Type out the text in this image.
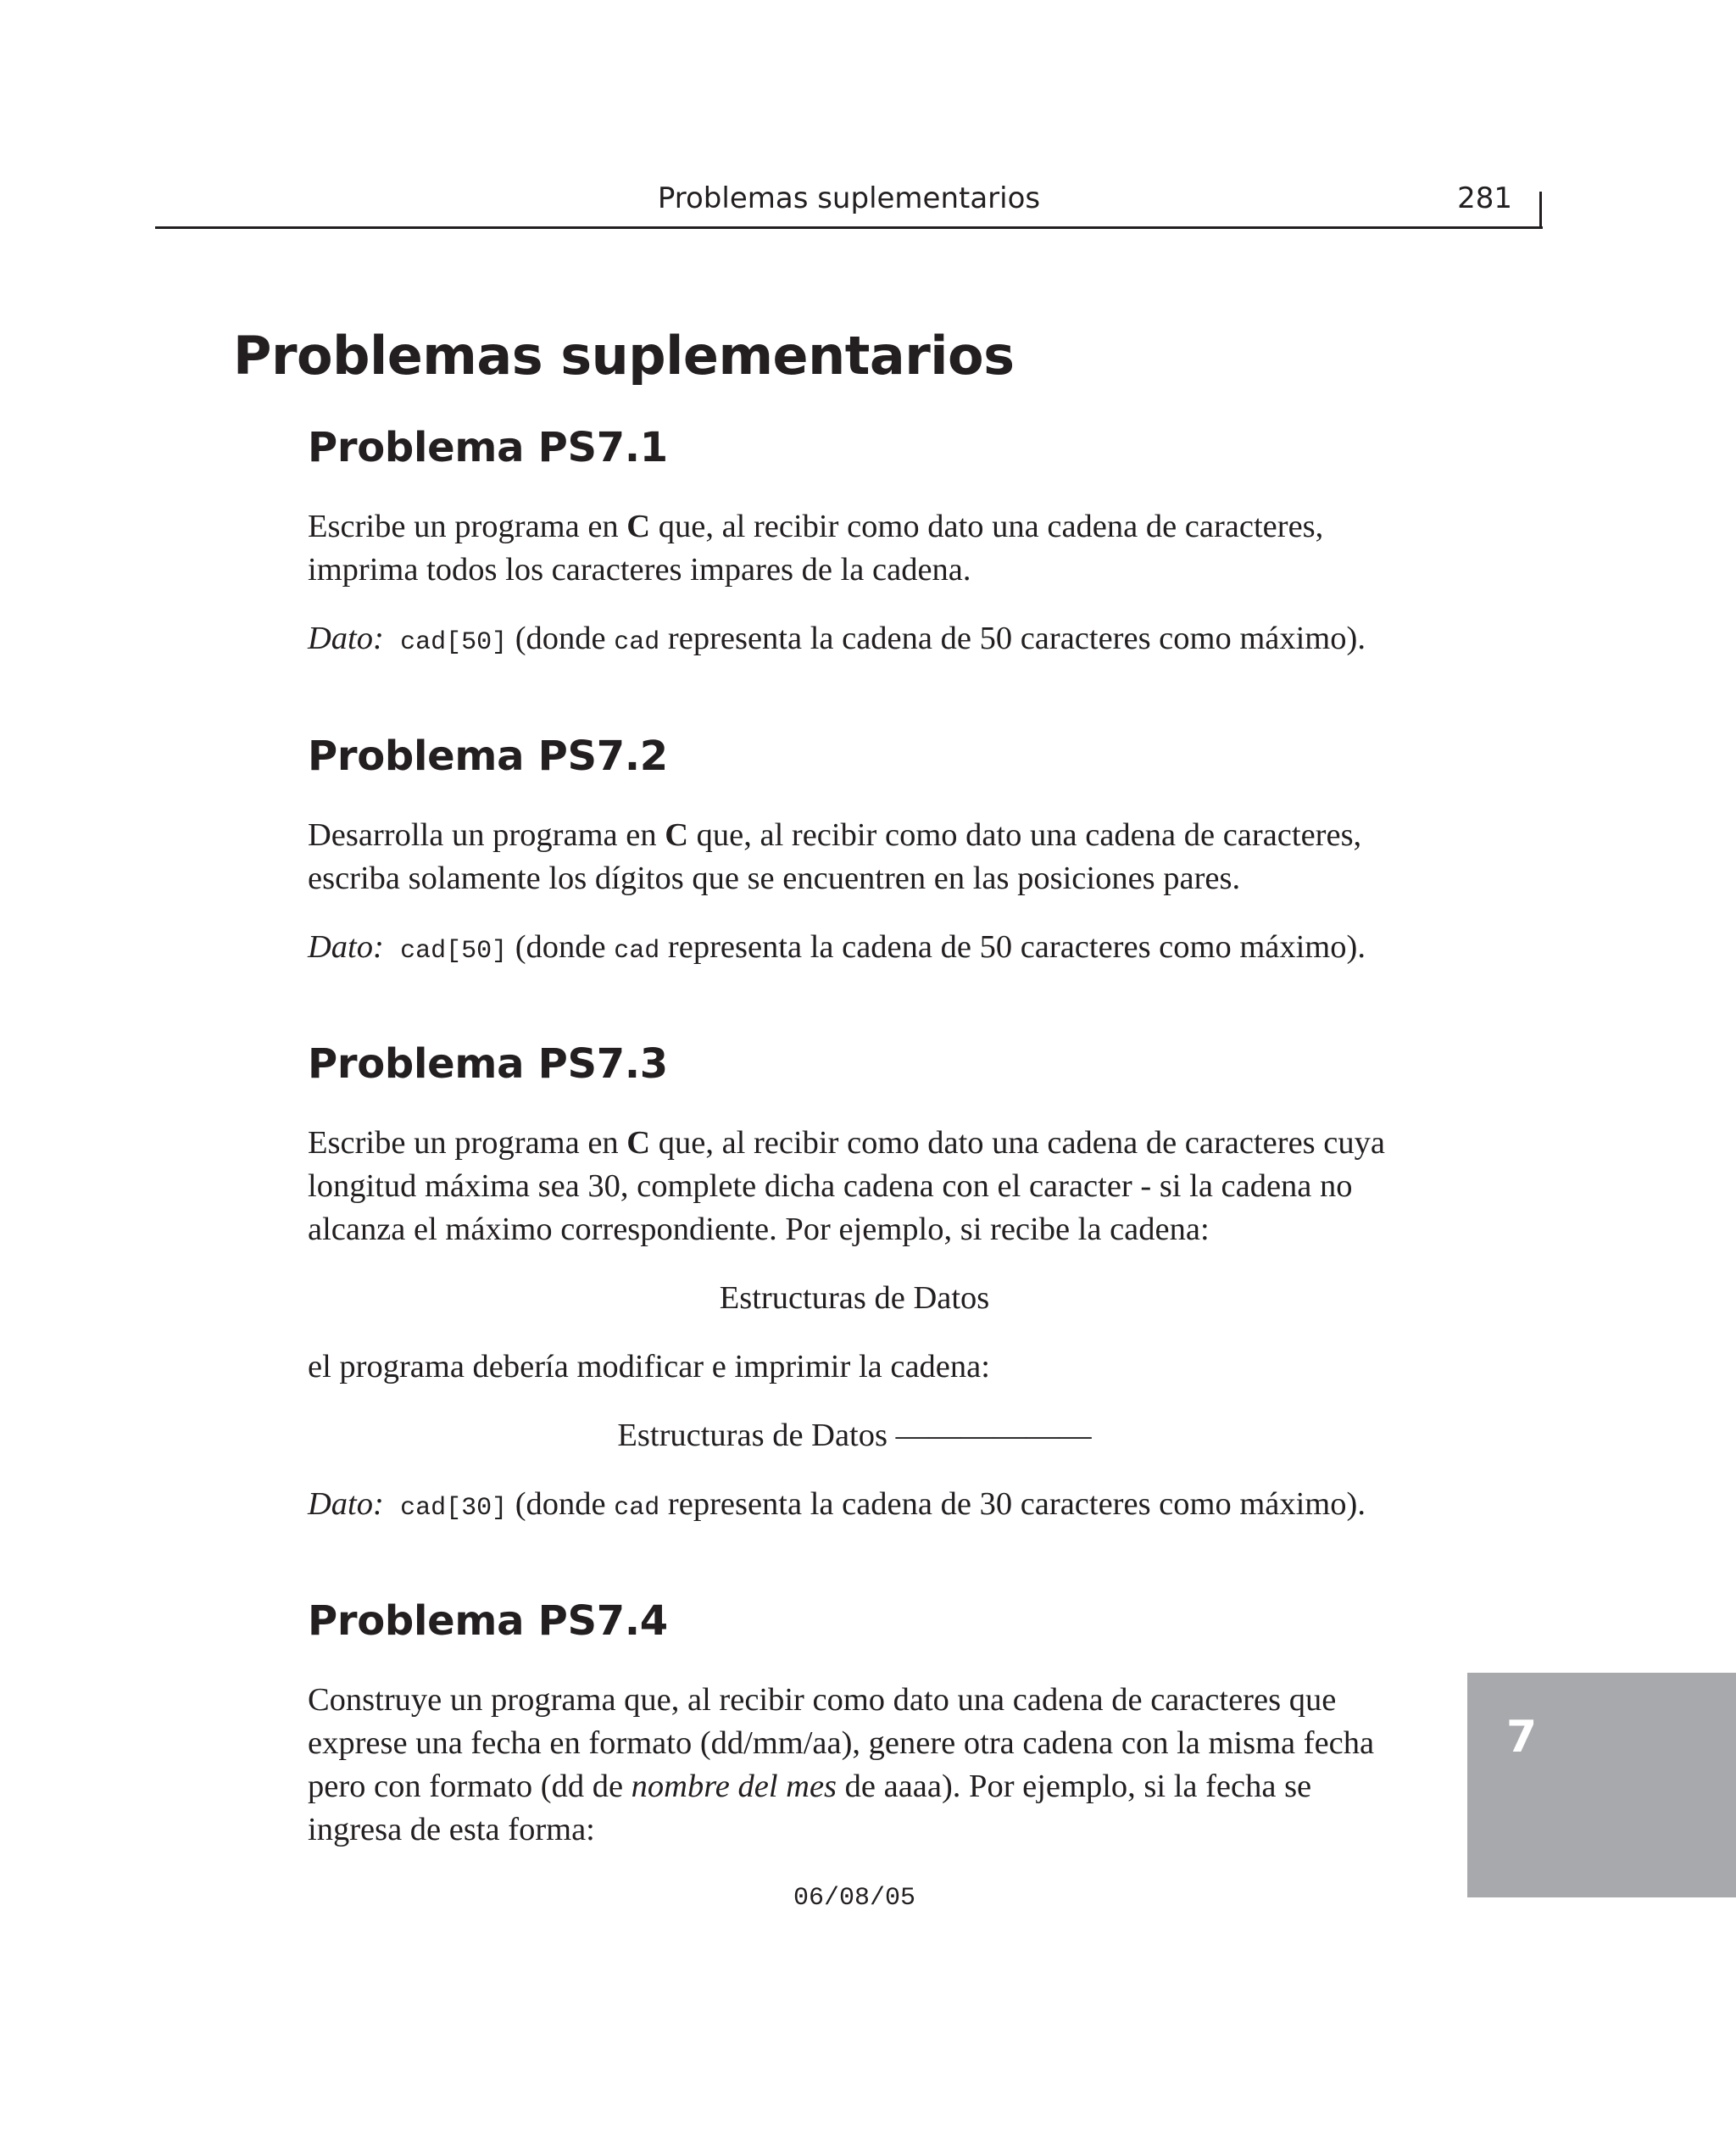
Problemas suplementarios	281
Problemas suplementarios
Problema PS7.1

Escribe un programa en C que, al recibir como dato una cadena de caracteres, imprima todos los caracteres impares de la cadena.

Dato: cad[50] (donde cad representa la cadena de 50 caracteres como máximo).

Problema PS7.2

Desarrolla un programa en C que, al recibir como dato una cadena de caracteres, escriba solamente los dígitos que se encuentren en las posiciones pares.

Dato: cad[50] (donde cad representa la cadena de 50 caracteres como máximo).

Problema PS7.3

Escribe un programa en C que, al recibir como dato una cadena de caracteres cuya longitud máxima sea 30, complete dicha cadena con el caracter - si la cadena no alcanza el máximo correspondiente. Por ejemplo, si recibe la cadena:

Estructuras de Datos

el programa debería modificar e imprimir la cadena:

Estructuras de Datos ——————

Dato: cad[30] (donde cad representa la cadena de 30 caracteres como máximo).

Problema PS7.4

Construye un programa que, al recibir como dato una cadena de caracteres que exprese una fecha en formato (dd/mm/aa), genere otra cadena con la misma fecha pero con formato (dd de nombre del mes de aaaa). Por ejemplo, si la fecha se ingresa de esta forma:

06/08/05

7
